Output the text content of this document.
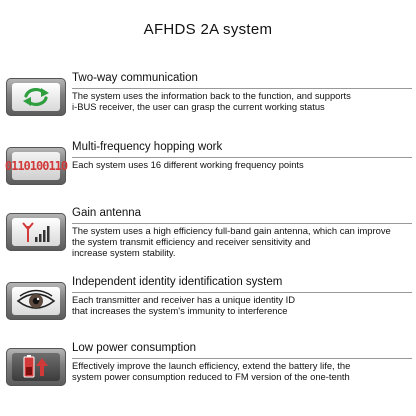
AFHDS 2A system
Two-way communication
The system uses the information back to the function, and supports
i-BUS receiver, the user can grasp the current working status
0110100110
Multi-frequency hopping work
Each system uses 16 different working frequency points
Gain antenna
The system uses a high efficiency full-band gain antenna, which can improve
the system transmit efficiency and receiver sensitivity and
increase system stability.
Independent identity identification system
Each transmitter and receiver has a unique identity ID
that increases the system's immunity to interference
Low power consumption
Effectively improve the launch efficiency, extend the battery life, the
system power consumption reduced to FM version of the one-tenth
